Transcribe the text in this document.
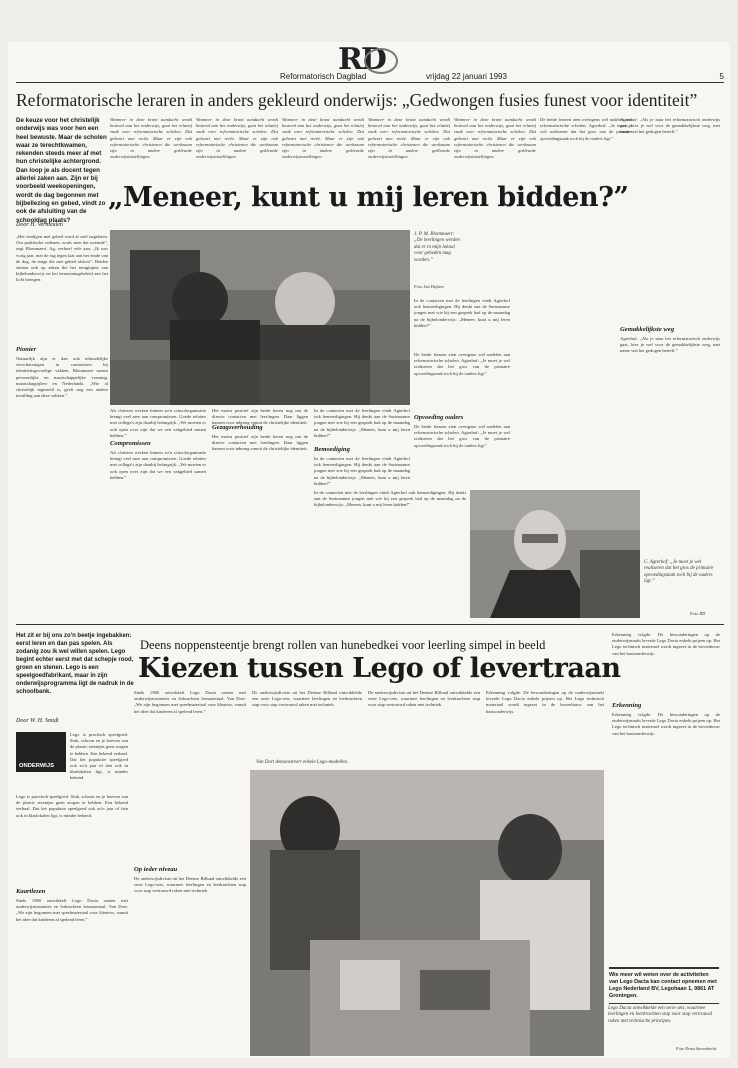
RD
Reformatorisch Dagblad	vrijdag 22 januari 1993	5
Reformatorische leraren in anders gekleurd onderwijs: „Gedwongen fusies funest voor identiteit”
De keuze voor het christelijk onderwijs was voor hen een heel bewuste. Maar de scholen waar ze terechtkwamen, rekenden steeds meer af met hun christelijke achtergrond. Dan loop je als docent tegen allerlei zaken aan. Zijn er bij voorbeeld weekopeningen, wordt de dag begonnen met bijbellezing en gebed, vindt zo ook de afsluiting van de schooldag plaats?
Door H. Vermeulen
Wanneer in deze krant aandacht wordt besteed aan het onderwijs, gaat het relatief vaak over reformatorische scholen. Dat gebeurt met recht. Maar er zijn ook reformatorische christenen die werkzaam zijn in andere gekleurde onderwijsinstellingen.
Wanneer in deze krant aandacht wordt besteed aan het onderwijs, gaat het relatief vaak over reformatorische scholen. Dat gebeurt met recht. Maar er zijn ook reformatorische christenen die werkzaam zijn in andere gekleurde onderwijsinstellingen.
Wanneer in deze krant aandacht wordt besteed aan het onderwijs, gaat het relatief vaak over reformatorische scholen. Dat gebeurt met recht. Maar er zijn ook reformatorische christenen die werkzaam zijn in andere gekleurde onderwijsinstellingen.
Wanneer in deze krant aandacht wordt besteed aan het onderwijs, gaat het relatief vaak over reformatorische scholen. Dat gebeurt met recht. Maar er zijn ook reformatorische christenen die werkzaam zijn in andere gekleurde onderwijsinstellingen.
Wanneer in deze krant aandacht wordt besteed aan het onderwijs, gaat het relatief vaak over reformatorische scholen. Dat gebeurt met recht. Maar er zijn ook reformatorische christenen die werkzaam zijn in andere gekleurde onderwijsinstellingen.
„Meneer, kunt u mij leren bidden?”
„Het eindigen met gebed werd al snel nagelaten. Om praktische redenen, zoals men dat noemde”, zegt Blommaert. Ag, verhoef vele aan: „Ik was vorig jaar, met de rug tegen laat aan het einde van de dag, de enige die met gebed afsloot”. Beiden stuiten ook op zaken die het teruglopen van bijbelonderwijs en het benoemingsbeleid aan het licht brengen.
Pionier
Natuurlijk zijn er dan ook inhoudelijke verschuivingen in constateren bij identiteitsgevoelige vakken. Blommaert noemt persoonlijke en maatschappelijke vorming, maatschappijleer en Nederlands. „Wie al christelijk ingesteld is, geeft nog een andere invulling aan deze vakken.”
J. P. M. Blommaert: „De leerlingen werden dat er in mijn lokaal voor gebeden mag worden.”
Foto Jan Hofstee
Als christen werken binnen zo'n schoolorganisatie brengt veel mee aan compromissen. Goede relaties met collega's zijn daarbij belangrijk. „We moeten er ook open over zijn dat we een vakgebied samen hebben.”
Compromissen
Als christen werken binnen zo'n schoolorganisatie brengt veel mee aan compromissen. Goede relaties met collega's zijn daarbij belangrijk. „We moeten er ook open over zijn dat we een vakgebied samen hebben.”
Het moest positief zijn beide heren nog om de directe contacten met leerlingen. Daar liggen kansen voor inbreng vanuit de christelijke identiteit.
Gezagsverhouding
Het moest positief zijn beide heren nog om de directe contacten met leerlingen. Daar liggen kansen voor inbreng vanuit de christelijke identiteit.
In de contacten met de leerlingen vindt Agterhof ook bemoedigingen. Hij denkt aan de Surinaamse jongen met wie hij een gesprek had op de maandag na de bijbelonderwijs: „Meneer, kunt u mij leren bidden?”
Bemoediging
In de contacten met de leerlingen vindt Agterhof ook bemoedigingen. Hij denkt aan de Surinaamse jongen met wie hij een gesprek had op de maandag na de bijbelonderwijs: „Meneer, kunt u mij leren bidden?”
In de contacten met de leerlingen vindt Agterhof ook bemoedigingen. Hij denkt aan de Surinaamse jongen met wie hij een gesprek had op de maandag na de bijbelonderwijs: „Meneer, kunt u mij leren bidden?”
De beide leraren zien overigens wel nadelen aan reformatorische scholen. Agterhof: „Je moet je wel realiseren dat het gros van de primaire opvoedingstaak toch bij de ouders ligt.”
Opvoeding ouders
De beide leraren zien overigens wel nadelen aan reformatorische scholen. Agterhof: „Je moet je wel realiseren dat het gros van de primaire opvoedingstaak toch bij de ouders ligt.”
De beide leraren zien overigens wel nadelen aan reformatorische scholen. Agterhof: „Je moet je wel realiseren dat het gros van de primaire opvoedingstaak toch bij de ouders ligt.”
Agterhof: „Als je naar het reformatorisch onderwijs gaat, kies je wel voor de gemakkelijkste weg, met name wat het gedogen betreft.”
Gemakkelijkste weg
Agterhof: „Als je naar het reformatorisch onderwijs gaat, kies je wel voor de gemakkelijkste weg, met name wat het gedogen betreft.”
C. Agterhof: „Je moet je wel realiseren dat het gros de primaire opvoedingstaak toch bij de ouders ligt.”
Foto RD
In de contacten met de leerlingen vindt Agterhof ook bemoedigingen. Hij denkt aan de Surinaamse jongen met wie hij een gesprek had op de maandag na de bijbelonderwijs: „Meneer, kunt u mij leren bidden?”
Het zit er bij ons zo'n beetje ingebakken: eerst leren en dan pas spelen. Als zodanig zou ik wel willen spelen. Lego begint echter eerst met dat schepje rood, groen en stenen. Lego is een speelgoedfabrikant, maar in zijn onderwijsprogramma ligt de nadruk in de schoolbank.
Door W. H. Smidt
ONDERWIJS
Deens noppensteentje brengt rollen van hunebedkei voor leerling simpel in beeld
Kiezen tussen Lego of levertraan
Lego is practisch speelgoed. Stuk, schoon en je hoeven van de plastic steentjes geen zorgen te hebben. Een bekend verhaal. Dat het populaire speelgoed ook zo'n jaar of tien ook in klaslokalen ligt, is minder bekend.
Lego is practisch speelgoed. Stuk, schoon en je hoeven van de plastic steentjes geen zorgen te hebben. Een bekend verhaal. Dat het populaire speelgoed ook zo'n jaar of tien ook in klaslokalen ligt, is minder bekend.
Kaartlezen
Sinds 1980 ontwikkelt Lego Dacta samen met onderwijsinstanties en lerkrachten lesmateriaal. Van Dort: „We zijn begonnen met speelmateriaal voor kleuters, vanuit het idee dat kinderen al spelend leren.”
Sinds 1980 ontwikkelt Lego Dacta samen met onderwijsinstanties en lerkrachten lesmateriaal. Van Dort: „We zijn begonnen met speelmateriaal voor kleuters, vanuit het idee dat kinderen al spelend leren.”
Op ieder niveau
De onderwijsdivisie uit het Deense Billund ontwikkelde een serie Lego-sets, waarmee leerlingen en leerkrachten stap voor stap vertrouwd raken met techniek.
De onderwijsdivisie uit het Deense Billund ontwikkelde een serie Lego-sets, waarmee leerlingen en leerkrachten stap voor stap vertrouwd raken met techniek.
Van Dort demonstreert enkele Lego-modellen.
De onderwijsdivisie uit het Deense Billund ontwikkelde een serie Lego-sets, waarmee leerlingen en leerkrachten stap voor stap vertrouwd raken met techniek.
Erkenning volgde. De bewonderingen op de onderwijsmarkt leverde Lego Dacta enkele prijzen op. Het Lego technisch materiaal wordt ingezet in de bovenbouw van het basisonderwijs.
Lego Dacta ontwikkelde een serie sets, waarmee leerlingen en leerkrachten stap voor stap vertrouwd raken met technische principes.
Foto Ernst Steendrecht
Erkenning volgde. De bewonderingen op de onderwijsmarkt leverde Lego Dacta enkele prijzen op. Het Lego technisch materiaal wordt ingezet in de bovenbouw van het basisonderwijs.
Erkenning
Erkenning volgde. De bewonderingen op de onderwijsmarkt leverde Lego Dacta enkele prijzen op. Het Lego technisch materiaal wordt ingezet in de bovenbouw van het basisonderwijs.
Wie meer wil weten over de activiteiten van Lego Dacta kan contact opnemen met Lego Nederland BV, Legohaan 1, 9861 AT Groningen.
